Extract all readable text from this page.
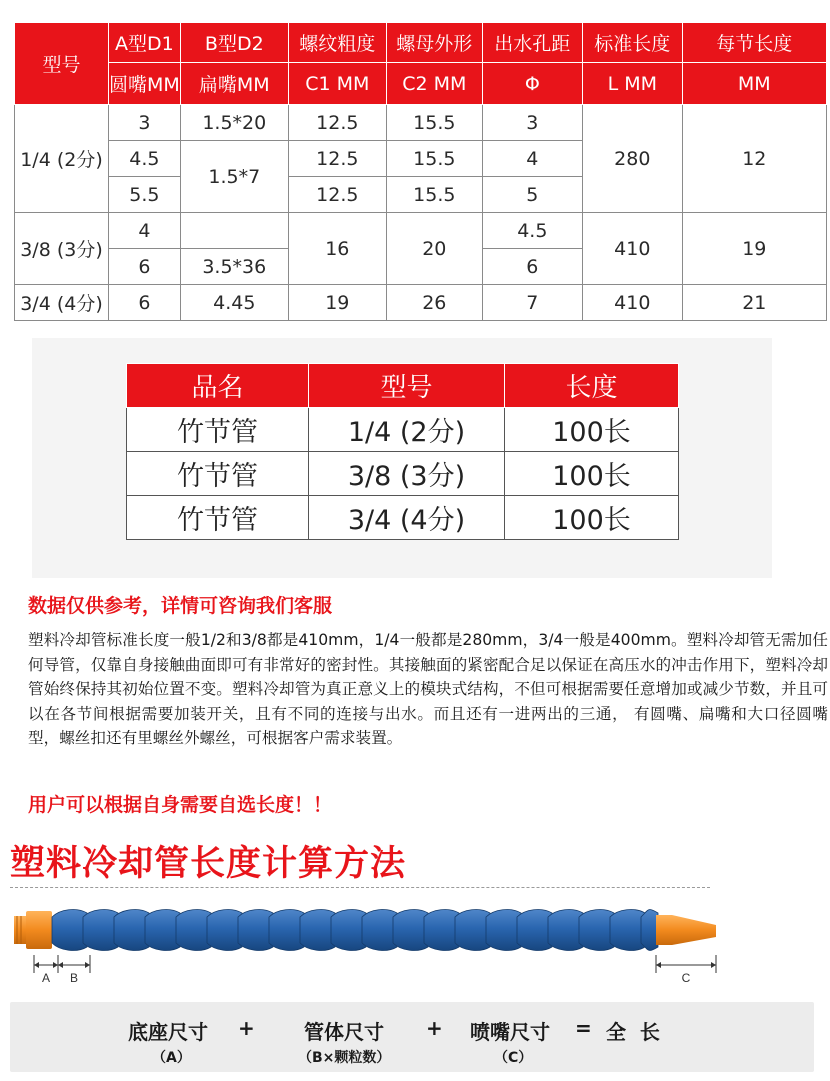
型号	A型D1	B型D2	螺纹粗度	螺母外形	出水孔距	标准长度	每节长度
	圆嘴MM	扁嘴MM	C1 MM	C2 MM	Φ	L MM	MM
1/4 (2分)	3	1.5*20	12.5	15.5	3	280	12
	4.5	1.5*7	12.5	15.5	4		
	5.5		12.5	15.5	5		
3/8 (3分)	4		16	20	4.5	410	19
	6	3.5*36			6		
3/4 (4分)	6	4.45	19	26	7	410	21
品名	型号	长度
竹节管	1/4 (2分)	100长
竹节管	3/8 (3分)	100长
竹节管	3/4 (4分)	100长
数据仅供参考，详情可咨询我们客服
塑料冷却管标准长度一般1/2和3/8都是410mm，1/4一般都是280mm，3/4一般是400mm。塑料冷却管无需加任何导管，仅靠自身接触曲面即可有非常好的密封性。其接触面的紧密配合足以保证在高压水的冲击作用下，塑料冷却管始终保持其初始位置不变。塑料冷却管为真正意义上的模块式结构，不但可根据需要任意增加或减少节数，并且可以在各节间根据需要加装开关，且有不同的连接与出水。而且还有一进两出的三通， 有圆嘴、扁嘴和大口径圆嘴型，螺丝扣还有里螺丝外螺丝，可根据客户需求装置。
用户可以根据自身需要自选长度！！
塑料冷却管长度计算方法
A B	C
底座尺寸
（A）
+ 管体尺寸
（B×颗粒数）
+ 喷嘴尺寸
（C）
= 全  长
